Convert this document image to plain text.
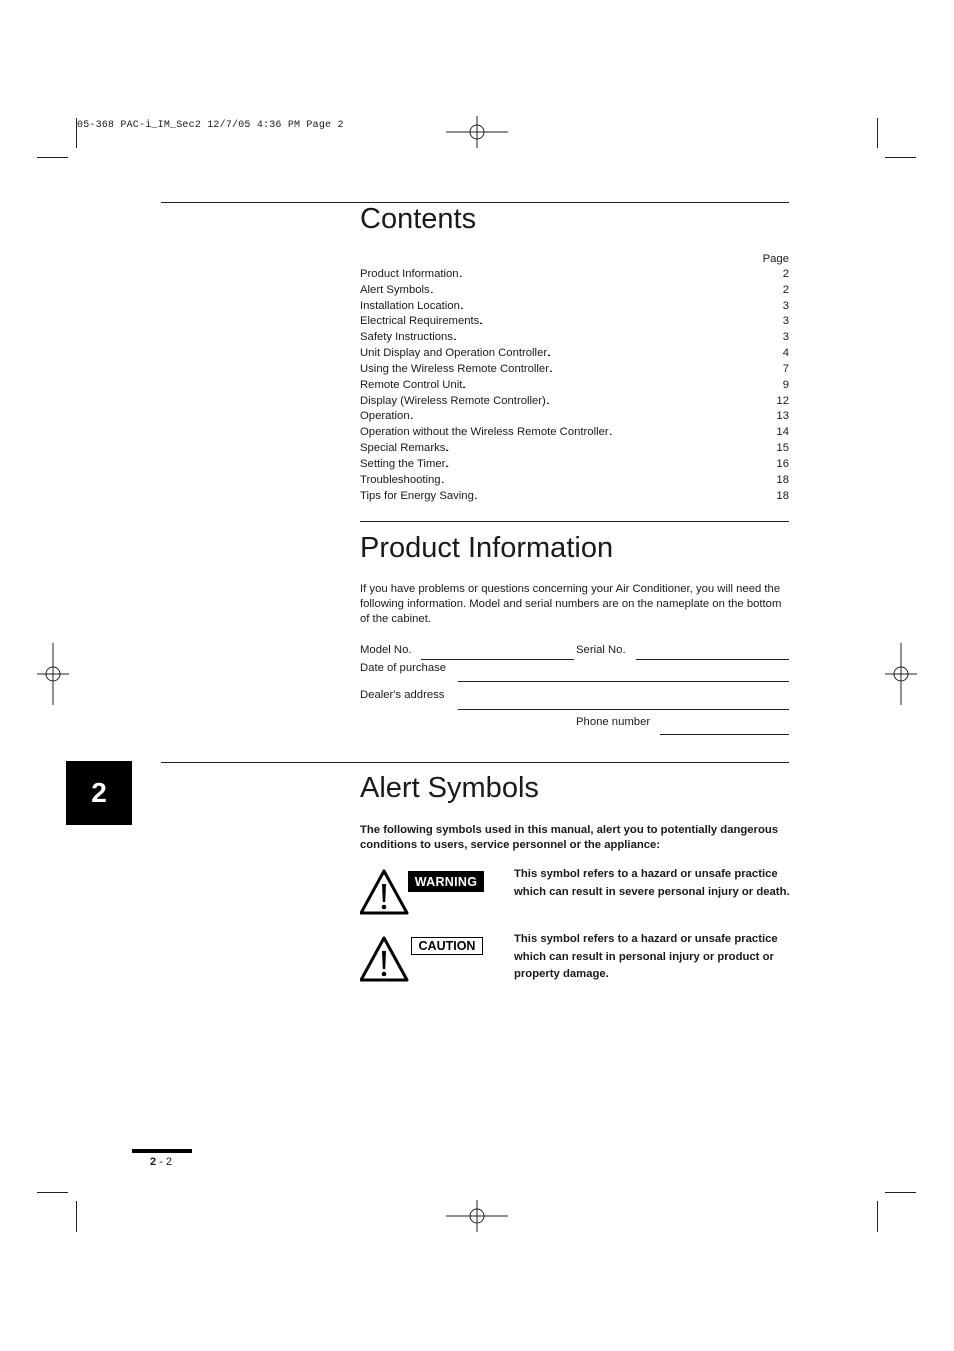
05-368 PAC-i_IM_Sec2 12/7/05 4:36 PM Page 2
Contents
Page
Product Information . . .	2
Alert Symbols . . .	2
Installation Location . . .	3
Electrical Requirements . . .	3
Safety Instructions . . .	3
Unit Display and Operation Controller . . .	4
Using the Wireless Remote Controller . . .	7
Remote Control Unit . . .	9
Display (Wireless Remote Controller) . . .	12
Operation . . .	13
Operation without the Wireless Remote Controller . . .	14
Special Remarks . . .	15
Setting the Timer . . .	16
Troubleshooting . . .	18
Tips for Energy Saving . . .	18
Product Information
If you have problems or questions concerning your Air Conditioner, you will need the following information. Model and serial numbers are on the nameplate on the bottom of the cabinet.
Model No.	Serial No.
Date of purchase
Dealer's address
Phone number
2	Alert Symbols
The following symbols used in this manual, alert you to potentially dangerous conditions to users, service personnel or the appliance:
WARNING
This symbol refers to a hazard or unsafe practice which can result in severe personal injury or death.
CAUTION	This symbol refers to a hazard or unsafe practice which can result in personal injury or product or property damage.
2 - 2
